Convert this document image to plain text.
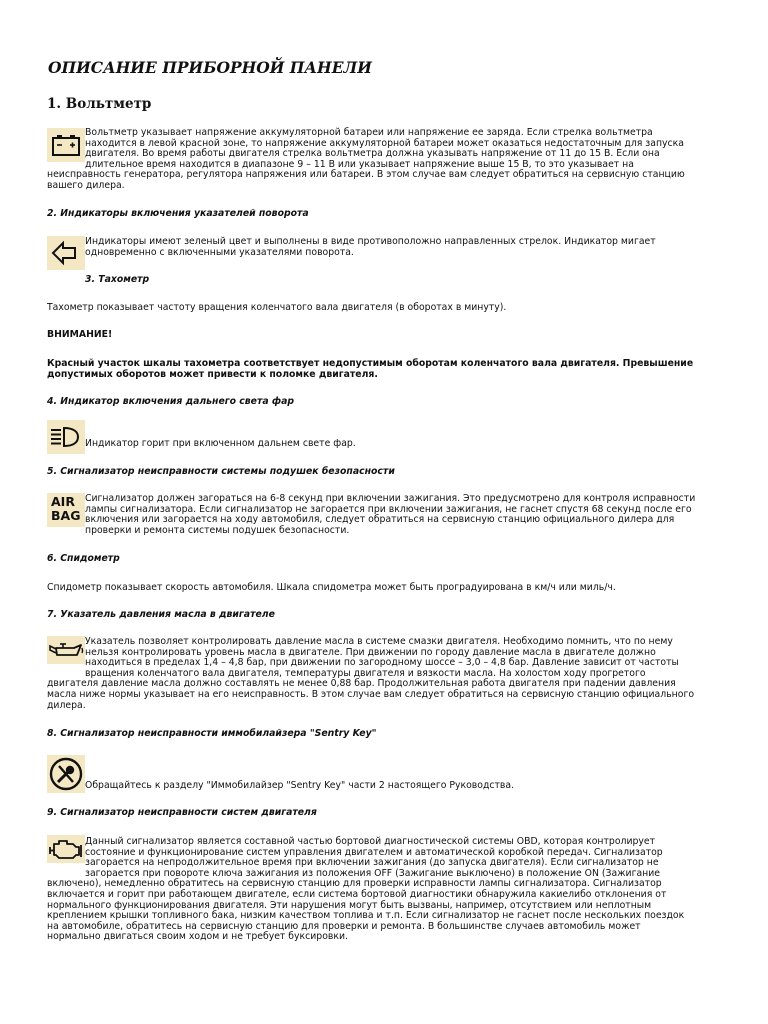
ОПИСАНИЕ ПРИБОРНОЙ ПАНЕЛИ
1. Вольтметр
Вольтметр указывает напряжение аккумуляторной батареи или напряжение ее заряда. Если стрелка вольтметра
находится в левой красной зоне, то напряжение аккумуляторной батареи может оказаться недостаточным для запуска
двигателя. Во время работы двигателя стрелка вольтметра должна указывать напряжение от 11 до 15 В. Если она
длительное время находится в диапазоне 9 – 11 В или указывает напряжение выше 15 В, то это указывает на
неисправность генератора, регулятора напряжения или батареи. В этом случае вам следует обратиться на сервисную станцию
вашего дилера.
2. Индикаторы включения указателей поворота
Индикаторы имеют зеленый цвет и выполнены в виде противоположно направленных стрелок. Индикатор мигает
одновременно с включенными указателями поворота.
3. Тахометр
Тахометр показывает частоту вращения коленчатого вала двигателя (в оборотах в минуту).
ВНИМАНИЕ!
Красный участок шкалы тахометра соответствует недопустимым оборотам коленчатого вала двигателя. Превышение
допустимых оборотов может привести к поломке двигателя.
4. Индикатор включения дальнего света фар
Индикатор горит при включенном дальнем свете фар.
5. Сигнализатор неисправности системы подушек безопасности
AIR
BAG
Сигнализатор должен загораться на 6-8 секунд при включении зажигания. Это предусмотрено для контроля исправности
лампы сигнализатора. Если сигнализатор не загорается при включении зажигания, не гаснет спустя 68 секунд после его
включения или загорается на ходу автомобиля, следует обратиться на сервисную станцию официального дилера для
проверки и ремонта системы подушек безопасности.
6. Спидометр
Спидометр показывает скорость автомобиля. Шкала спидометра может быть проградуирована в км/ч или миль/ч.
7. Указатель давления масла в двигателе
Указатель позволяет контролировать давление масла в системе смазки двигателя. Необходимо помнить, что по нему
нельзя контролировать уровень масла в двигателе. При движении по городу давление масла в двигателе должно
находиться в пределах 1,4 – 4,8 бар, при движении по загородному шоссе – 3,0 – 4,8 бар. Давление зависит от частоты
вращения коленчатого вала двигателя, температуры двигателя и вязкости масла. На холостом ходу прогретого
двигателя давление масла должно составлять не менее 0,88 бар. Продолжительная работа двигателя при падении давления
масла ниже нормы указывает на его неисправность. В этом случае вам следует обратиться на сервисную станцию официального
дилера.
8. Сигнализатор неисправности иммобилайзера "Sentry Key"
Обращайтесь к разделу "Иммобилайзер "Sentry Key" части 2 настоящего Руководства.
9. Сигнализатор неисправности систем двигателя
Данный сигнализатор является составной частью бортовой диагностической системы OBD, которая контролирует
состояние и функционирование систем управления двигателем и автоматической коробкой передач. Сигнализатор
загорается на непродолжительное время при включении зажигания (до запуска двигателя). Если сигнализатор не
загорается при повороте ключа зажигания из положения OFF (Зажигание выключено) в положение ON (Зажигание
включено), немедленно обратитесь на сервисную станцию для проверки исправности лампы сигнализатора. Сигнализатор
включается и горит при работающем двигателе, если система бортовой диагностики обнаружила какиелибо отклонения от
нормального функционирования двигателя. Эти нарушения могут быть вызваны, например, отсутствием или неплотным
креплением крышки топливного бака, низким качеством топлива и т.п. Если сигнализатор не гаснет после нескольких поездок
на автомобиле, обратитесь на сервисную станцию для проверки и ремонта. В большинстве случаев автомобиль может
нормально двигаться своим ходом и не требует буксировки.
